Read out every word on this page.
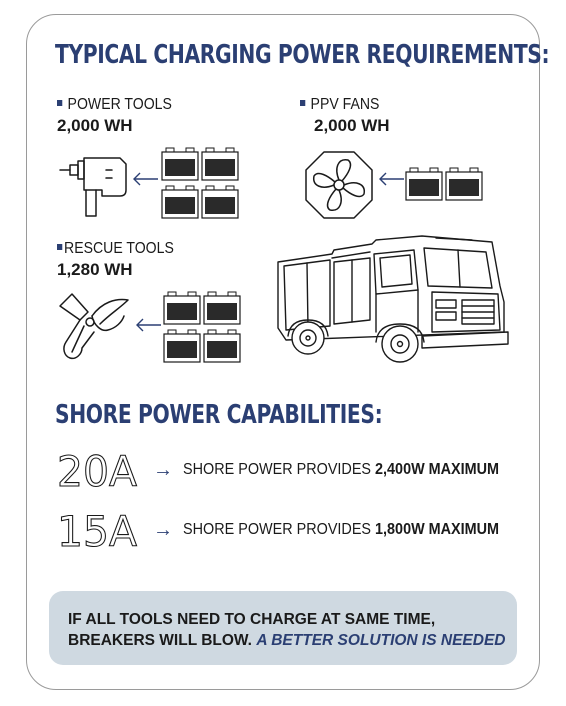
TYPICAL CHARGING POWER REQUIREMENTS:
POWER TOOLS
2,000 WH
PPV FANS
2,000 WH
RESCUE TOOLS
1,280 WH
SHORE POWER CAPABILITIES:
20A → SHORE POWER PROVIDES 2,400W MAXIMUM
15A → SHORE POWER PROVIDES 1,800W MAXIMUM
IF ALL TOOLS NEED TO CHARGE AT SAME TIME,
BREAKERS WILL BLOW. A BETTER SOLUTION IS NEEDED
